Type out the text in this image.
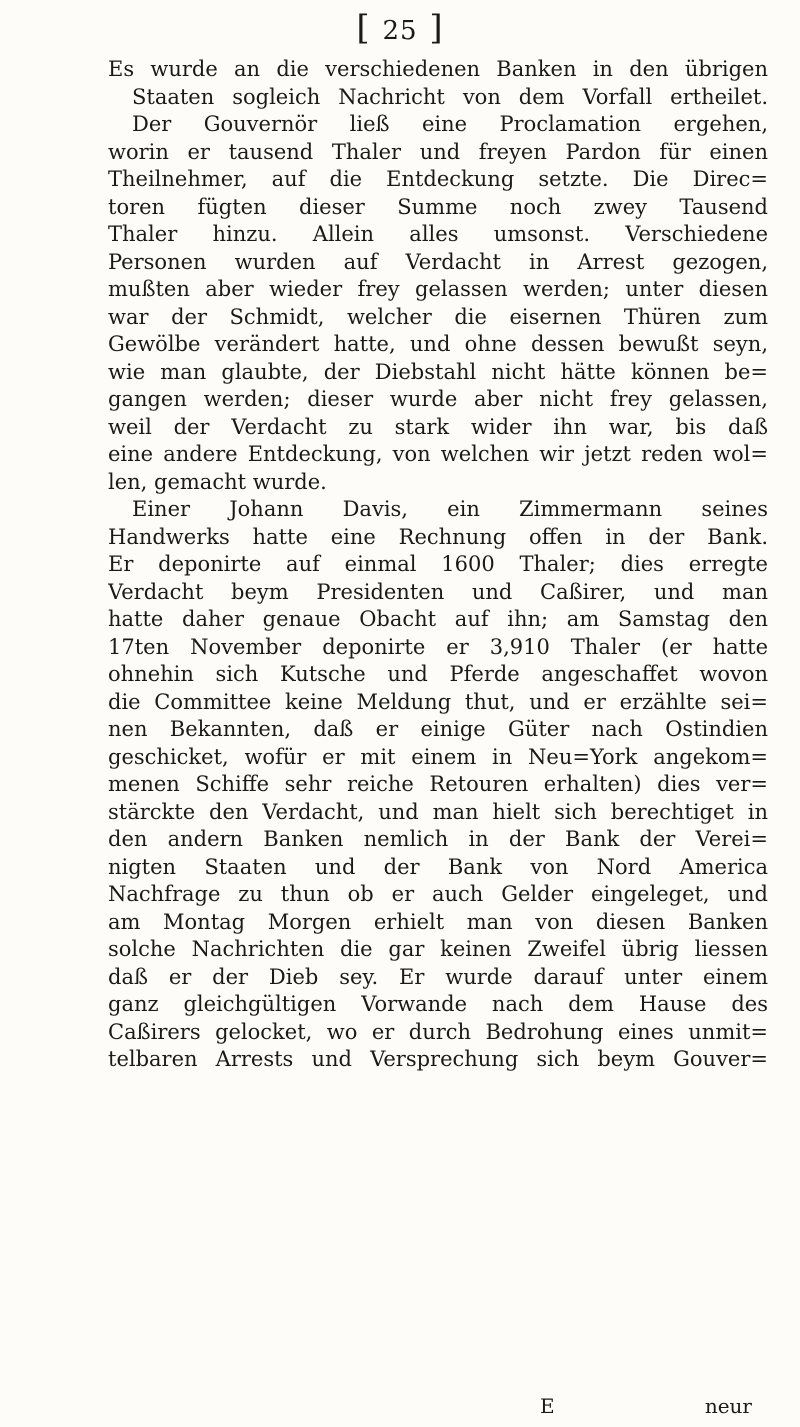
[ 25 ]
Es wurde an die verschiedenen Banken in den übrigen
Staaten sogleich Nachricht von dem Vorfall ertheilet.
Der Gouvernör ließ eine Proclamation ergehen,
worin er tausend Thaler und freyen Pardon für einen
Theilnehmer, auf die Entdeckung setzte. Die Direc=
toren fügten dieser Summe noch zwey Tausend
Thaler hinzu. Allein alles umsonst. Verschiedene
Personen wurden auf Verdacht in Arrest gezogen,
mußten aber wieder frey gelassen werden; unter diesen
war der Schmidt, welcher die eisernen Thüren zum
Gewölbe verändert hatte, und ohne dessen bewußt seyn,
wie man glaubte, der Diebstahl nicht hätte können be=
gangen werden; dieser wurde aber nicht frey gelassen,
weil der Verdacht zu stark wider ihn war, bis daß
eine andere Entdeckung, von welchen wir jetzt reden wol=
len, gemacht wurde.
Einer Johann Davis, ein Zimmermann seines
Handwerks hatte eine Rechnung offen in der Bank.
Er deponirte auf einmal 1600 Thaler; dies erregte
Verdacht beym Presidenten und Caßirer, und man
hatte daher genaue Obacht auf ihn; am Samstag den
17ten November deponirte er 3,910 Thaler (er hatte
ohnehin sich Kutsche und Pferde angeschaffet wovon
die Committee keine Meldung thut, und er erzählte sei=
nen Bekannten, daß er einige Güter nach Ostindien
geschicket, wofür er mit einem in Neu=York angekom=
menen Schiffe sehr reiche Retouren erhalten) dies ver=
stärckte den Verdacht, und man hielt sich berechtiget in
den andern Banken nemlich in der Bank der Verei=
nigten Staaten und der Bank von Nord America
Nachfrage zu thun ob er auch Gelder eingeleget, und
am Montag Morgen erhielt man von diesen Banken
solche Nachrichten die gar keinen Zweifel übrig liessen
daß er der Dieb sey. Er wurde darauf unter einem
ganz gleichgültigen Vorwande nach dem Hause des
Caßirers gelocket, wo er durch Bedrohung eines unmit=
telbaren Arrests und Versprechung sich beym Gouver=
E	neur
